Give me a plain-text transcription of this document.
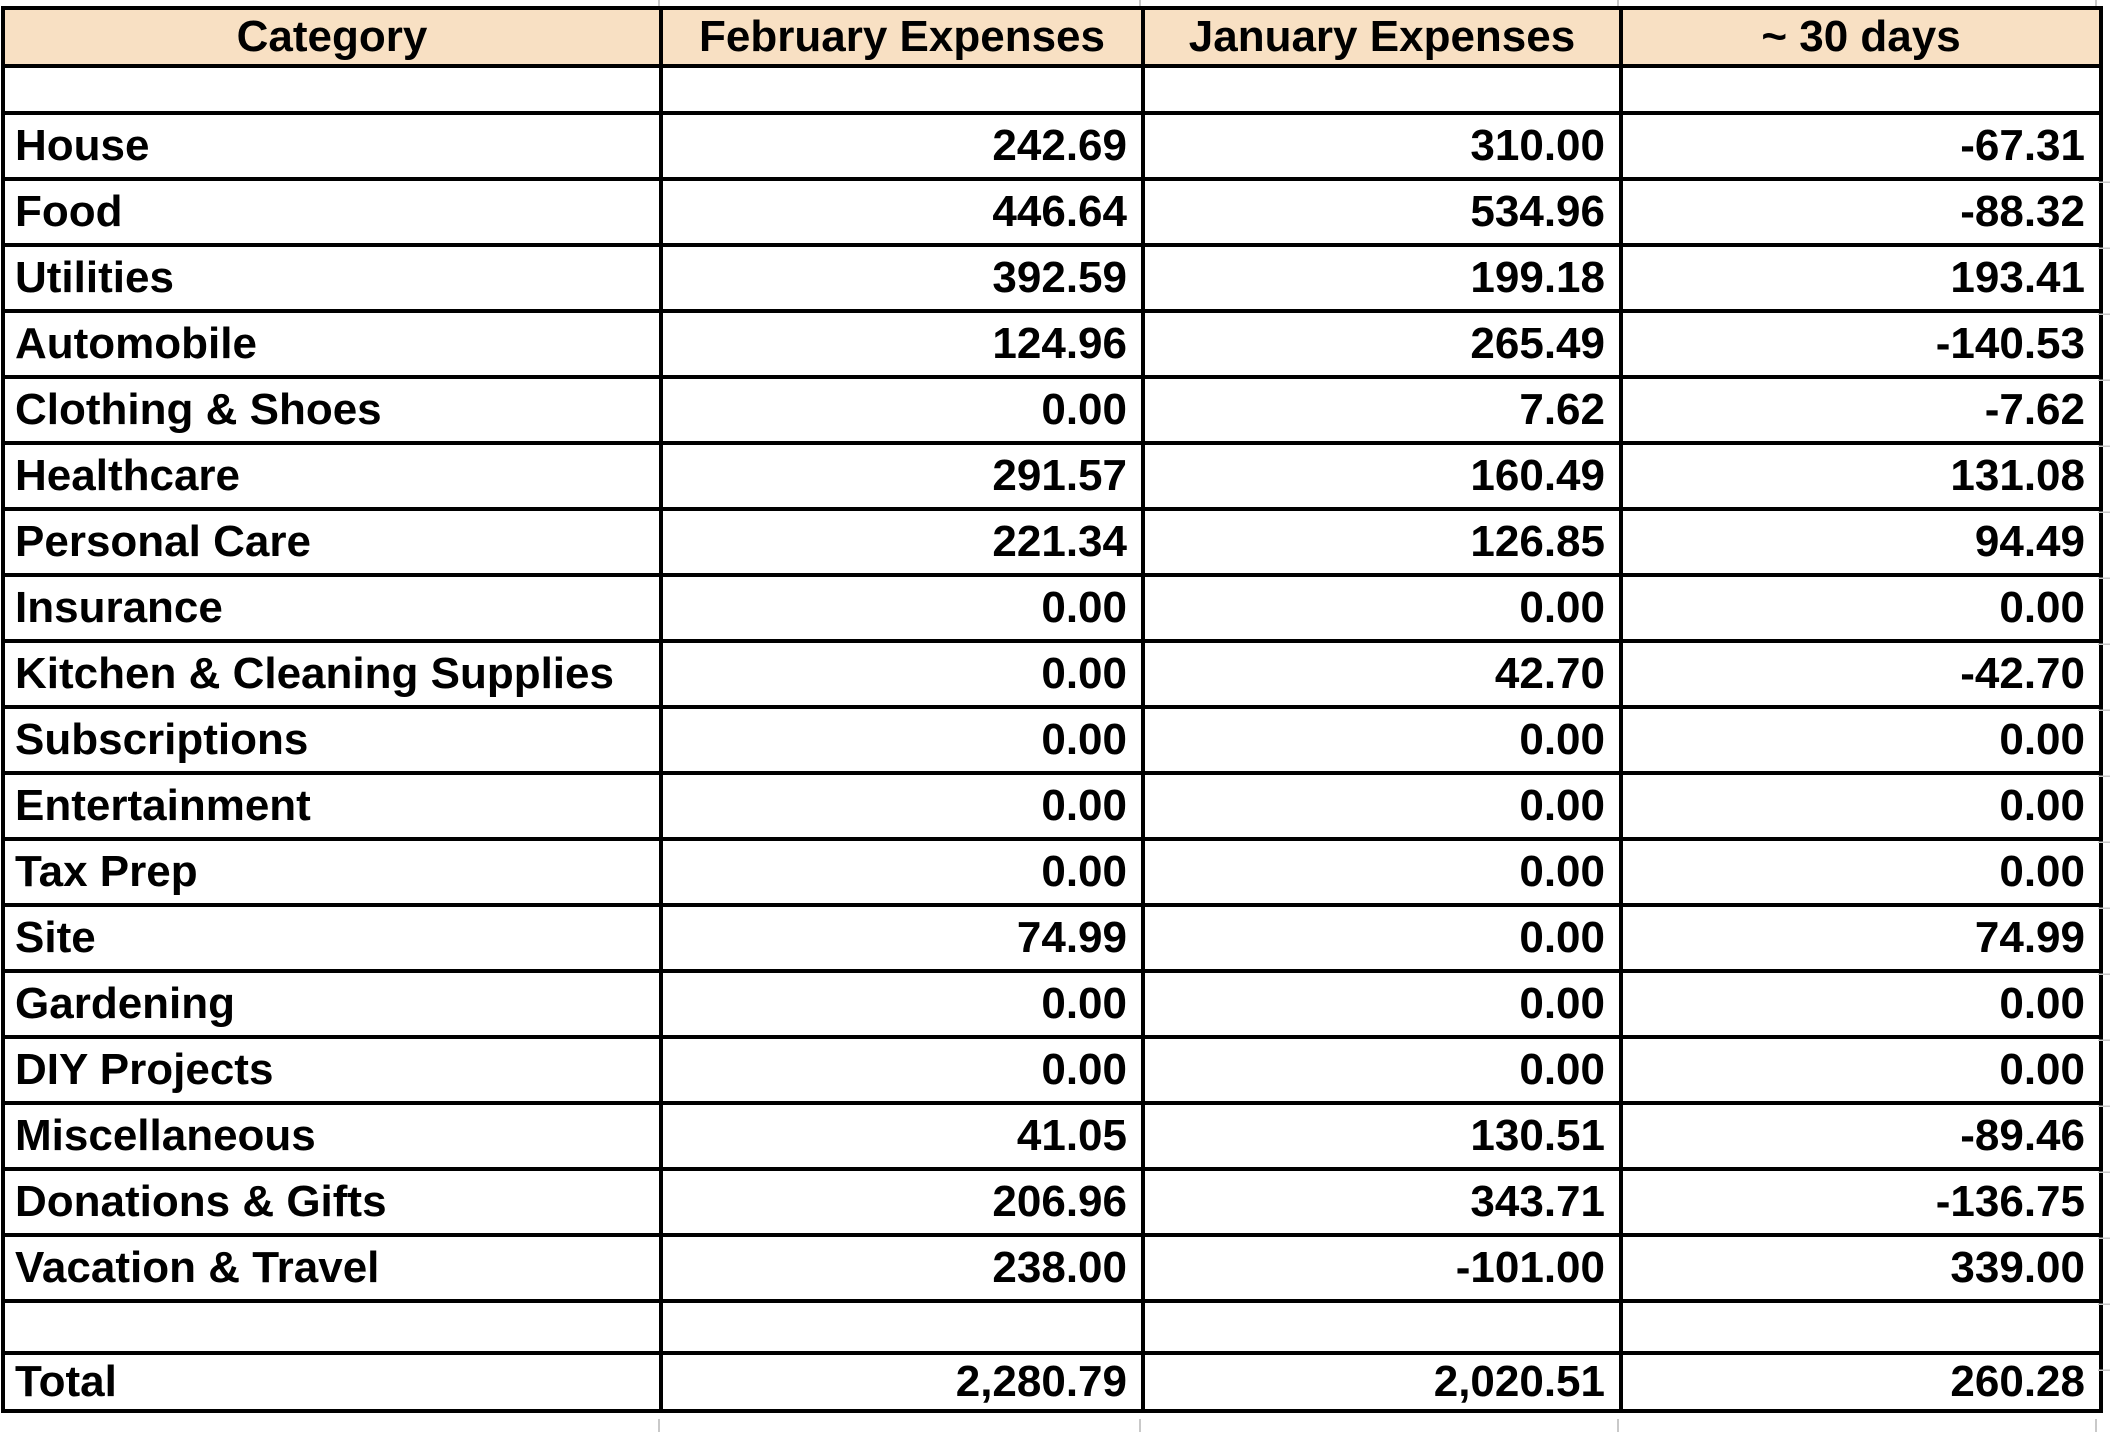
Category	February Expenses	January Expenses	~ 30 days

House	242.69	310.00	-67.31
Food	446.64	534.96	-88.32
Utilities	392.59	199.18	193.41
Automobile	124.96	265.49	-140.53
Clothing & Shoes	0.00	7.62	-7.62
Healthcare	291.57	160.49	131.08
Personal Care	221.34	126.85	94.49
Insurance	0.00	0.00	0.00
Kitchen & Cleaning Supplies	0.00	42.70	-42.70
Subscriptions	0.00	0.00	0.00
Entertainment	0.00	0.00	0.00
Tax Prep	0.00	0.00	0.00
Site	74.99	0.00	74.99
Gardening	0.00	0.00	0.00
DIY Projects	0.00	0.00	0.00
Miscellaneous	41.05	130.51	-89.46
Donations & Gifts	206.96	343.71	-136.75
Vacation & Travel	238.00	-101.00	339.00

Total	2,280.79	2,020.51	260.28
